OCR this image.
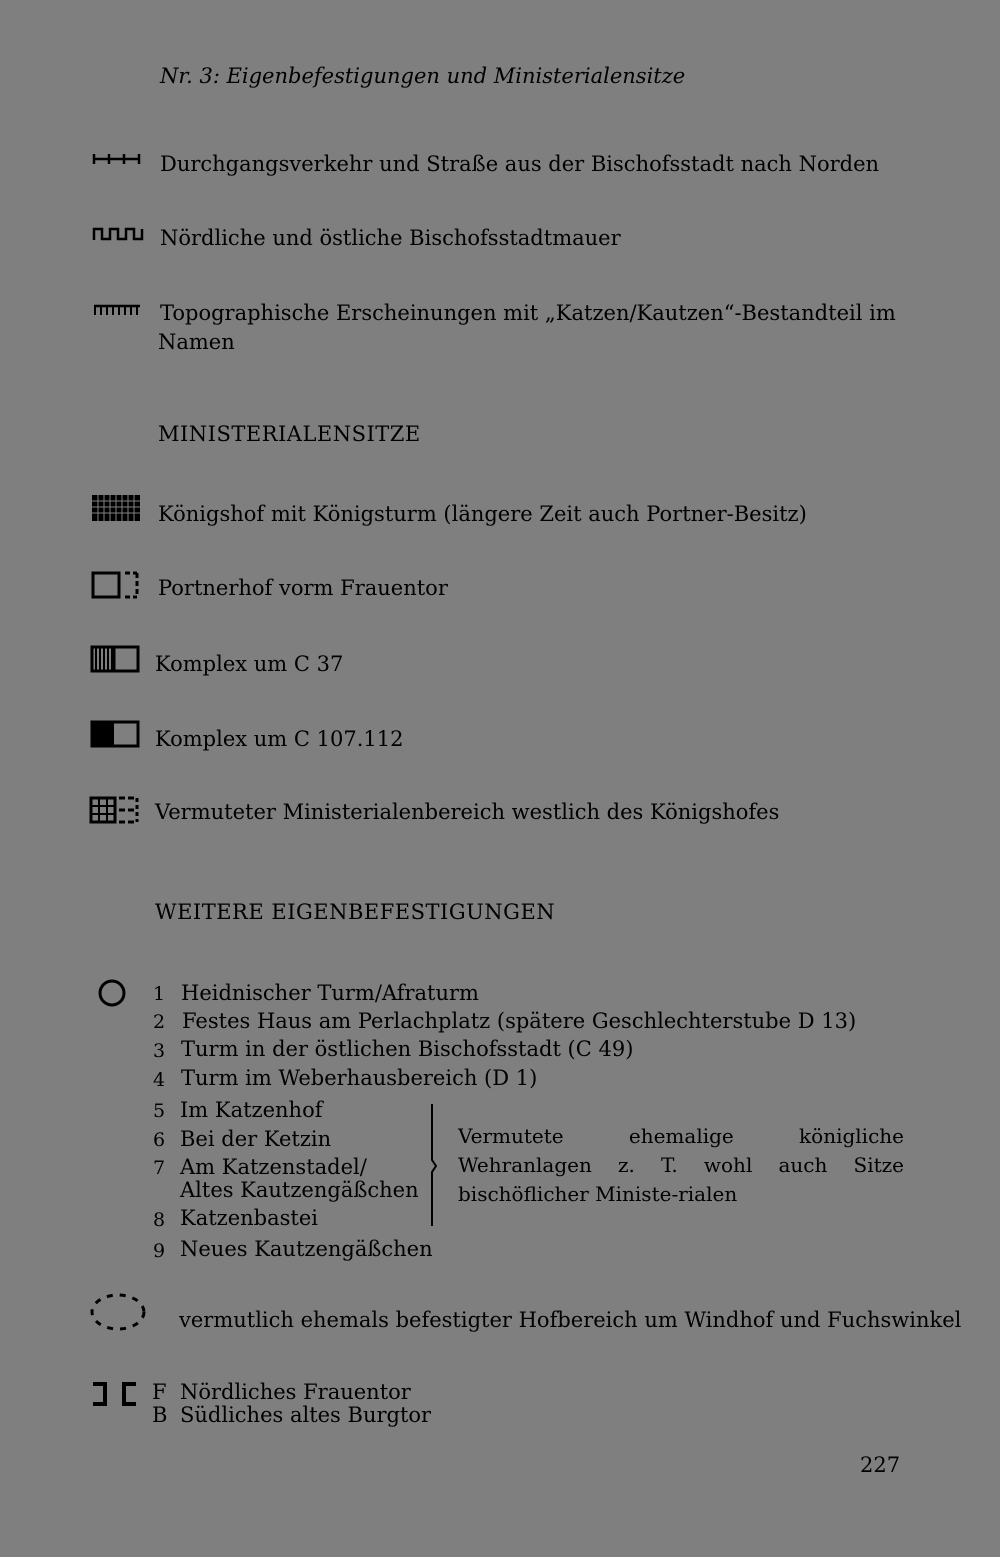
Nr. 3: Eigenbefestigungen und Ministerialensitze
Durchgangsverkehr und Straße aus der Bischofsstadt nach Norden
Nördliche und östliche Bischofsstadtmauer
Topographische Erscheinungen mit „Katzen/Kautzen“-Bestandteil im
Namen
MINISTERIALENSITZE
Königshof mit Königsturm (längere Zeit auch Portner-Besitz)
Portnerhof vorm Frauentor
Komplex um C 37
Komplex um C 107.112
Vermuteter Ministerialenbereich westlich des Königshofes
WEITERE EIGENBEFESTIGUNGEN
1 Heidnischer Turm/Afraturm
2 Festes Haus am Perlachplatz (spätere Geschlechterstube D 13)
3 Turm in der östlichen Bischofsstadt (C 49)
4 Turm im Weberhausbereich (D 1)
5 Im Katzenhof
6 Bei der Ketzin
7 Am Katzenstadel/
Altes Kautzengäßchen
8 Katzenbastei
9 Neues Kautzengäßchen
Vermutete ehemalige königliche Wehranlagen z. T. wohl auch Sitze bischöflicher Ministe-rialen
vermutlich ehemals befestigter Hofbereich um Windhof und Fuchswinkel
F Nördliches Frauentor
B Südliches altes Burgtor
227
